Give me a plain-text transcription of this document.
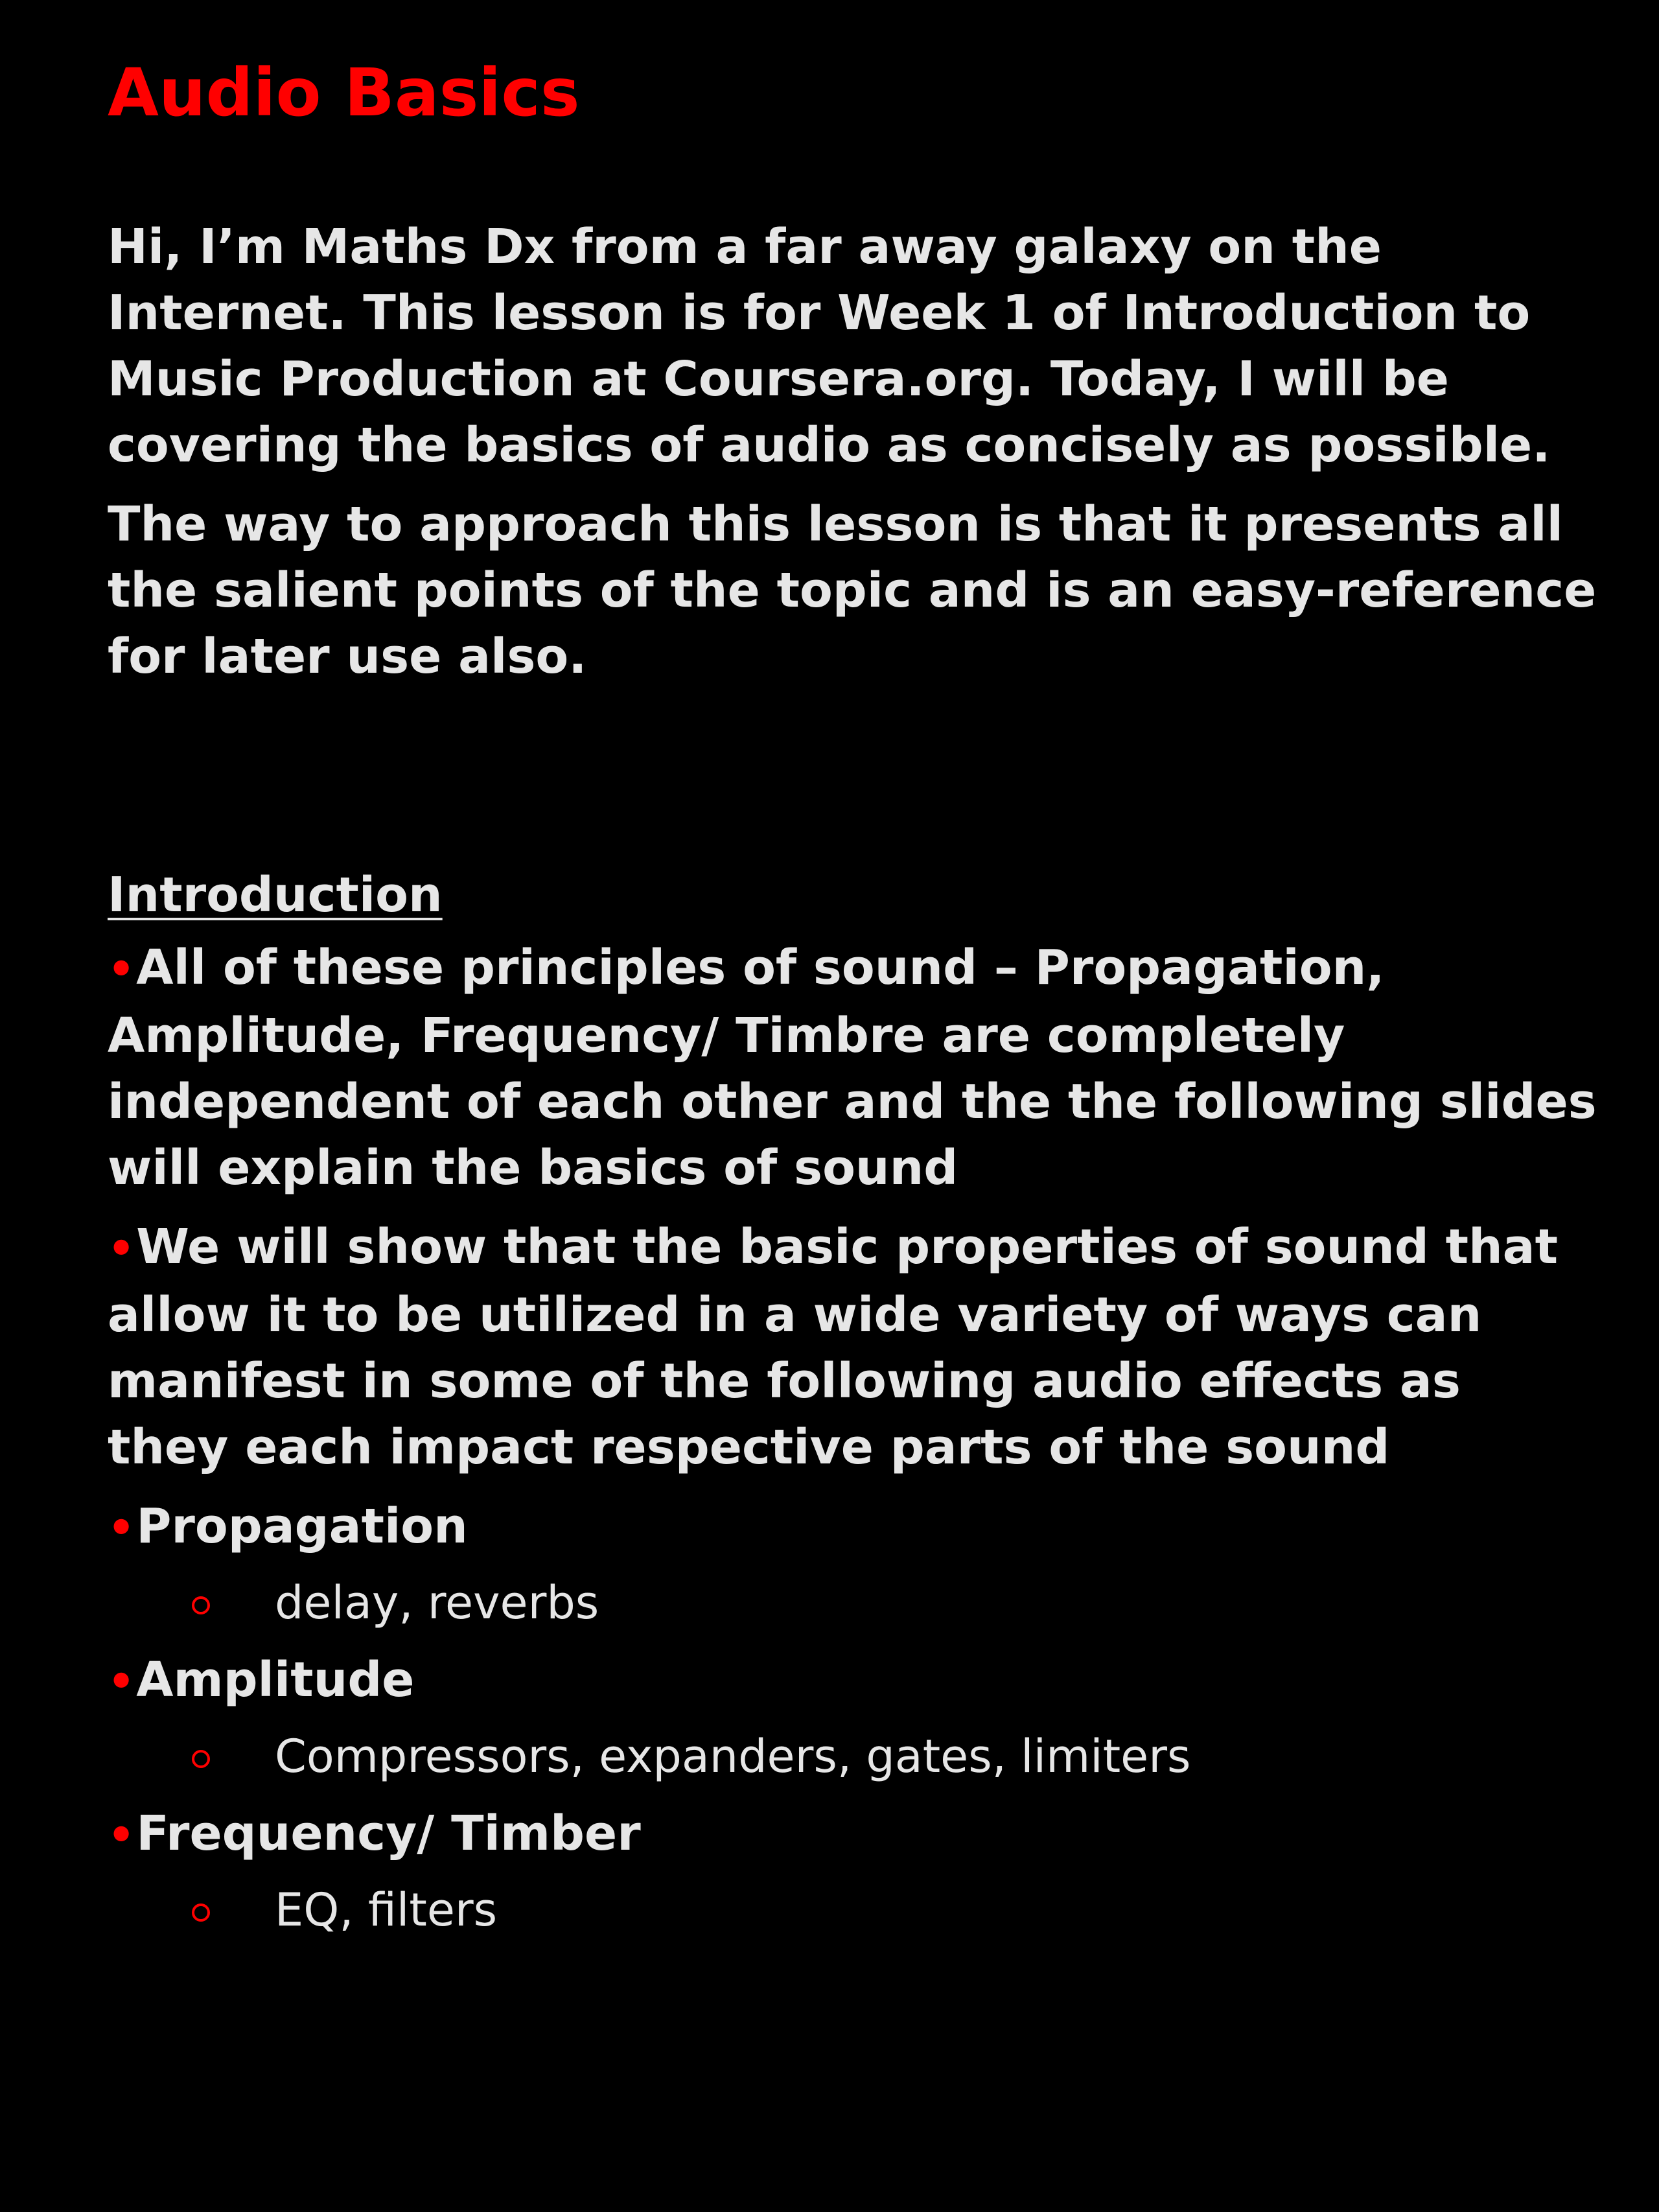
Audio Basics

Hi, I’m Maths Dx from a far away galaxy on the Internet. This lesson is for Week 1 of Introduction to Music Production at Coursera.org. Today, I will be covering the basics of audio as concisely as possible.

The way to approach this lesson is that it presents all the salient points of the topic and is an easy-reference for later use also.

Introduction
•All of these principles of sound – Propagation, Amplitude, Frequency/ Timbre are completely independent of each other and the the following slides will explain the basics of sound
•We will show that the basic properties of sound that allow it to be utilized in a wide variety of ways can manifest in some of the following audio effects as they each impact respective parts of the sound
•Propagation
delay, reverbs
•Amplitude
Compressors, expanders, gates, limiters
•Frequency/ Timber
EQ, filters
